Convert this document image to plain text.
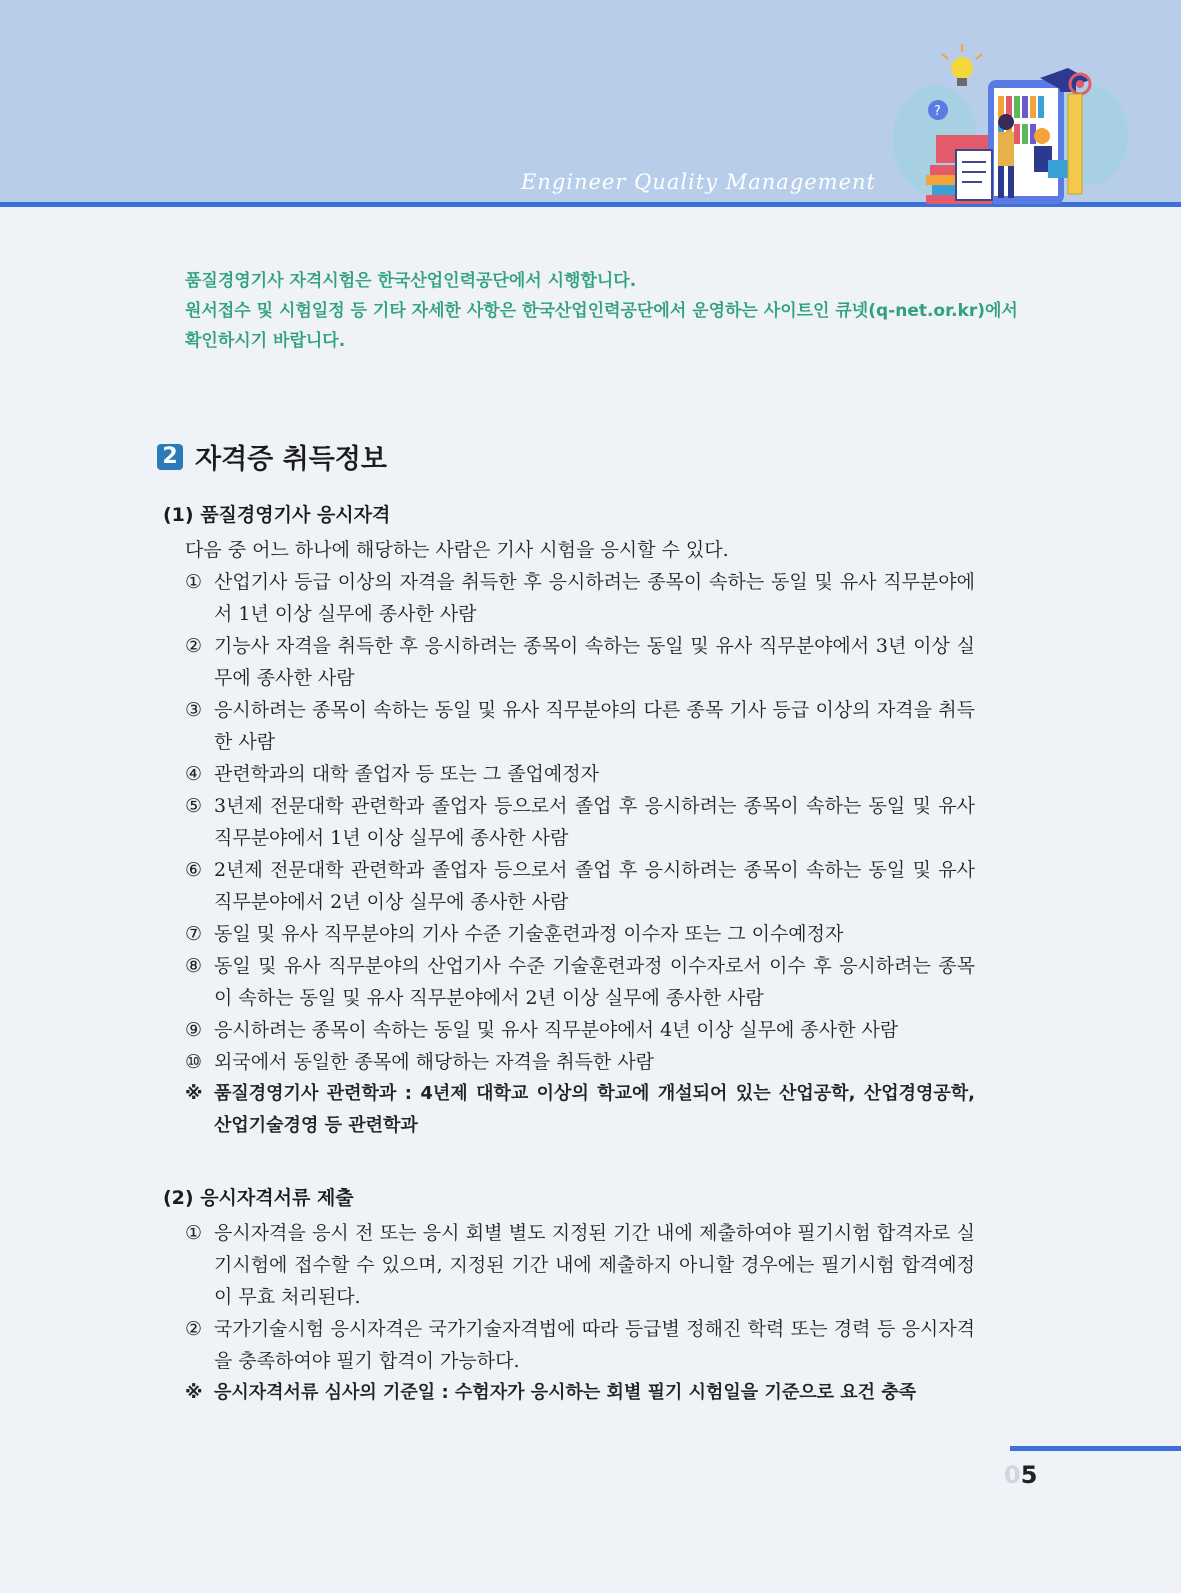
Engineer Quality Management
?
품질경영기사 자격시험은 한국산업인력공단에서 시행합니다.
원서접수 및 시험일정 등 기타 자세한 사항은 한국산업인력공단에서 운영하는 사이트인 큐넷(q-net.or.kr)에서
확인하시기 바랍니다.
2 자격증 취득정보
(1) 품질경영기사 응시자격

다음 중 어느 하나에 해당하는 사람은 기사 시험을 응시할 수 있다.

① 산업기사 등급 이상의 자격을 취득한 후 응시하려는 종목이 속하는 동일 및 유사 직무분야에서 1년 이상 실무에 종사한 사람
② 기능사 자격을 취득한 후 응시하려는 종목이 속하는 동일 및 유사 직무분야에서 3년 이상 실무에 종사한 사람
③ 응시하려는 종목이 속하는 동일 및 유사 직무분야의 다른 종목 기사 등급 이상의 자격을 취득한 사람
④ 관련학과의 대학 졸업자 등 또는 그 졸업예정자
⑤ 3년제 전문대학 관련학과 졸업자 등으로서 졸업 후 응시하려는 종목이 속하는 동일 및 유사 직무분야에서 1년 이상 실무에 종사한 사람
⑥ 2년제 전문대학 관련학과 졸업자 등으로서 졸업 후 응시하려는 종목이 속하는 동일 및 유사 직무분야에서 2년 이상 실무에 종사한 사람
⑦ 동일 및 유사 직무분야의 기사 수준 기술훈련과정 이수자 또는 그 이수예정자
⑧ 동일 및 유사 직무분야의 산업기사 수준 기술훈련과정 이수자로서 이수 후 응시하려는 종목이 속하는 동일 및 유사 직무분야에서 2년 이상 실무에 종사한 사람
⑨ 응시하려는 종목이 속하는 동일 및 유사 직무분야에서 4년 이상 실무에 종사한 사람
⑩ 외국에서 동일한 종목에 해당하는 자격을 취득한 사람
※ 품질경영기사 관련학과 : 4년제 대학교 이상의 학교에 개설되어 있는 산업공학, 산업경영공학, 산업기술경영 등 관련학과
(2) 응시자격서류 제출
① 응시자격을 응시 전 또는 응시 회별 별도 지정된 기간 내에 제출하여야 필기시험 합격자로 실기시험에 접수할 수 있으며, 지정된 기간 내에 제출하지 아니할 경우에는 필기시험 합격예정이 무효 처리된다.
② 국가기술시험 응시자격은 국가기술자격법에 따라 등급별 정해진 학력 또는 경력 등 응시자격을 충족하여야 필기 합격이 가능하다.
※ 응시자격서류 심사의 기준일 : 수험자가 응시하는 회별 필기 시험일을 기준으로 요건 충족
05
